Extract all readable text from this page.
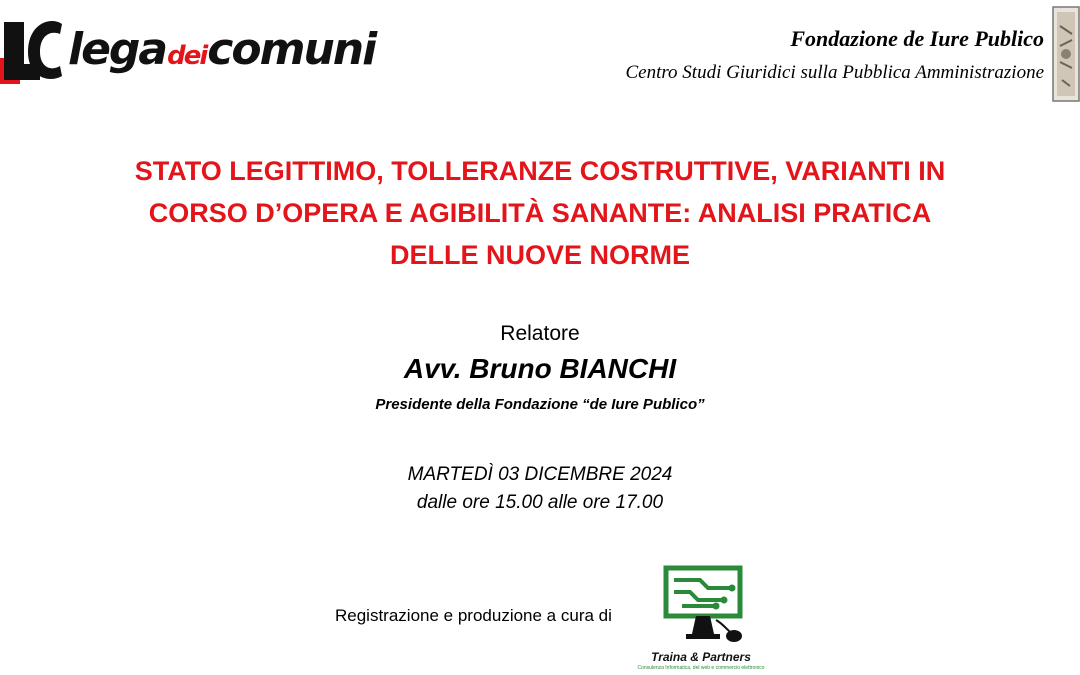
lega dei comuni	Fondazione de Iure Publico
Centro Studi Giuridici sulla Pubblica Amministrazione
STATO LEGITTIMO, TOLLERANZE COSTRUTTIVE, VARIANTI IN
CORSO D’OPERA E AGIBILITÀ SANANTE: ANALISI PRATICA
DELLE NUOVE NORME
Relatore
Avv. Bruno BIANCHI
Presidente della Fondazione “de Iure Publico”
MARTEDÌ 03 DICEMBRE 2024
dalle ore 15.00 alle ore 17.00
Registrazione e produzione a cura di
Traina & Partners
Consulenza Informatica, del web e commercio elettronico
